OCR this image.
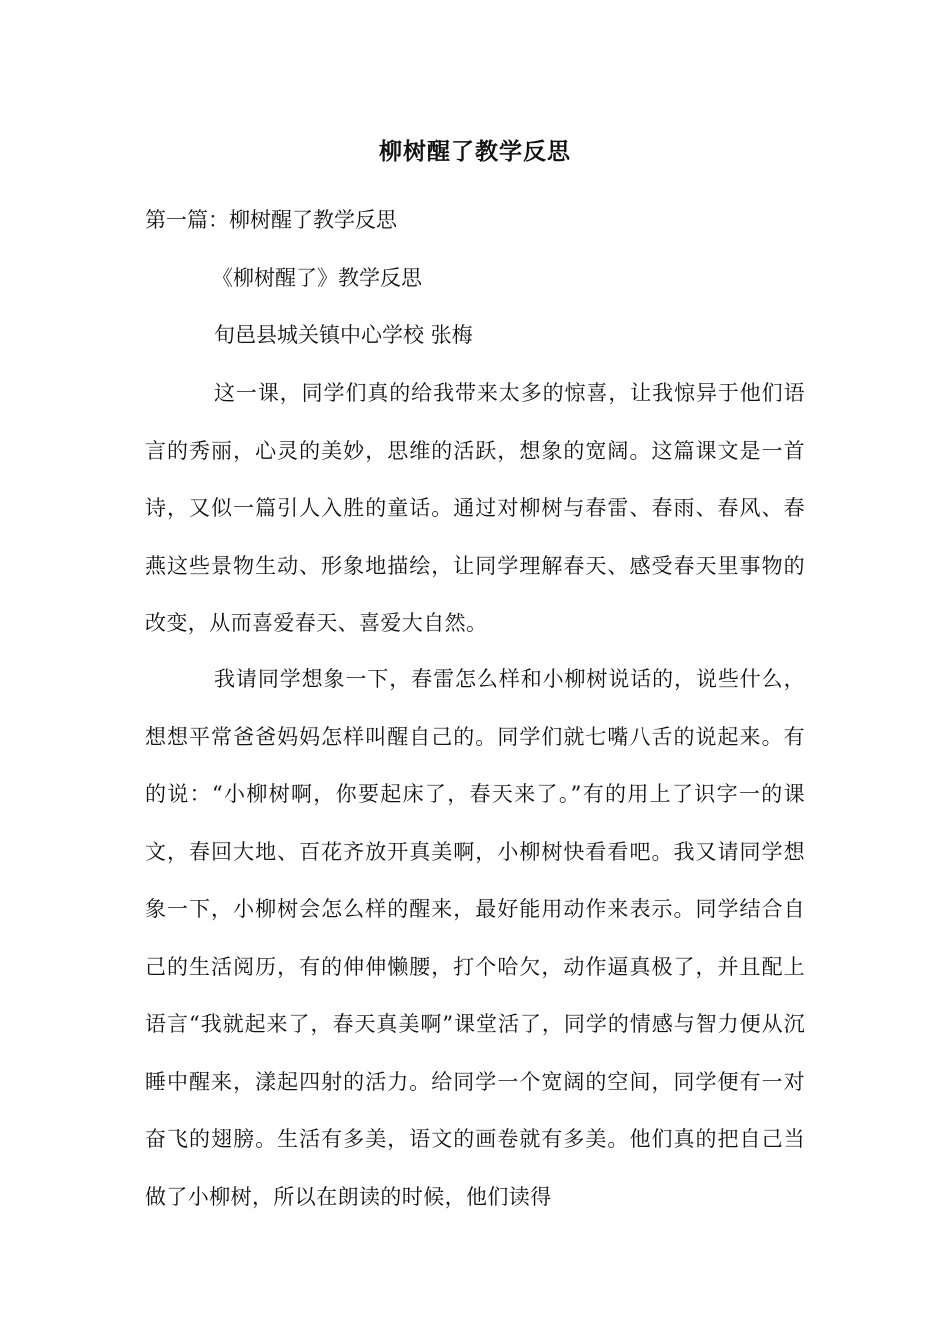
柳树醒了教学反思
第一篇：柳树醒了教学反思
《柳树醒了》教学反思
旬邑县城关镇中心学校 张梅
这一课，同学们真的给我带来太多的惊喜，让我惊异于他们语言的秀丽，心灵的美妙，思维的活跃，想象的宽阔。这篇课文是一首诗，又似一篇引人入胜的童话。通过对柳树与春雷、春雨、春风、春燕这些景物生动、形象地描绘，让同学理解春天、感受春天里事物的改变，从而喜爱春天、喜爱大自然。
我请同学想象一下，春雷怎么样和小柳树说话的，说些什么，想想平常爸爸妈妈怎样叫醒自己的。同学们就七嘴八舌的说起来。有的说：“小柳树啊，你要起床了，春天来了。”有的用上了识字一的课文，春回大地、百花齐放开真美啊，小柳树快看看吧。我又请同学想象一下，小柳树会怎么样的醒来，最好能用动作来表示。同学结合自己的生活阅历，有的伸伸懒腰，打个哈欠，动作逼真极了，并且配上语言“我就起来了，春天真美啊”课堂活了，同学的情感与智力便从沉睡中醒来，漾起四射的活力。给同学一个宽阔的空间，同学便有一对奋飞的翅膀。生活有多美，语文的画卷就有多美。他们真的把自己当做了小柳树，所以在朗读的时候，他们读得
